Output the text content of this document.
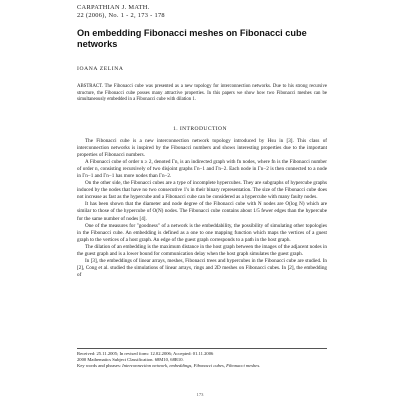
CARPATHIAN J. MATH.
22 (2006), No. 1 - 2, 173 - 178
On embedding Fibonacci meshes on Fibonacci cube networks
IOANA ZELINA
ABSTRACT. The Fibonacci cube was presented as a new topology for interconnection networks. Due to his strong recursive structure, the Fibonacci cube posses many attractive properties. In this papers we show how two Fibonacci meshes can be simultaneously embedded in a Fibonacci cube with dilation 1.
1. INTRODUCTION

The Fibonacci cube is a new interconnection network topology introduced by Hsu in [3]. This class of interconnection networks is inspired by the Fibonacci numbers and shows interesting properties due to the important properties of Fibonacci numbers.

A Fibonacci cube of order n ≥ 2, denoted Γn, is an indirected graph with fn nodes, where fn is the Fibonacci number of order n, consisting recursively of two disjoint graphs Γn−1 and Γn−2. Each node in Γn−2 is then connected to a node in Γn−1 and Γn−1 has more nodes than Γn−2.

On the other side, the Fibonacci cubes are a type of incomplete hypercubes. They are subgraphs of hypercube graphs induced by the nodes that have no two consecutive 1's in their binary representation. The size of the Fibonacci cube does not increase as fast as the hypercube and a Fibonacci cube can be considered as a hypercube with many faulty nodes.

It has been shown that the diameter and node degree of the Fibonacci cube with N nodes are O(log N) which are similar to those of the hypercube of O(N) nodes. The Fibonacci cube contains about 1/5 fewer edges than the hypercube for the same number of nodes [4].

One of the measures for "goodness" of a network is the embeddability, the possibility of simulating other topologies in the Fibonacci cube. An embedding is defined as a one to one mapping function which maps the vertices of a guest graph to the vertices of a host graph. An edge of the guest graph corresponds to a path in the host graph.

The dilation of an embedding is the maximum distance in the host graph between the images of the adjacent nodes in the guest graph and is a lower bound for communication delay when the host graph simulates the guest graph.

In [3], the embeddings of linear arrays, meshes, Fibonacci trees and hypercubes in the Fibonacci cube are studied. In [2], Cong et al. studied the simulations of linear arrays, rings and 2D meshes on Fibonacci cubes. In [2], the embedding of

Received: 25.11.2005; In revised form: 12.02.2006; Accepted: 01.11.2006
2000 Mathematics Subject Classification. 68M10, 68R10.
Key words and phrases: Interconnection network, embeddings, Fibonacci cubes, Fibonacci meshes.
173
